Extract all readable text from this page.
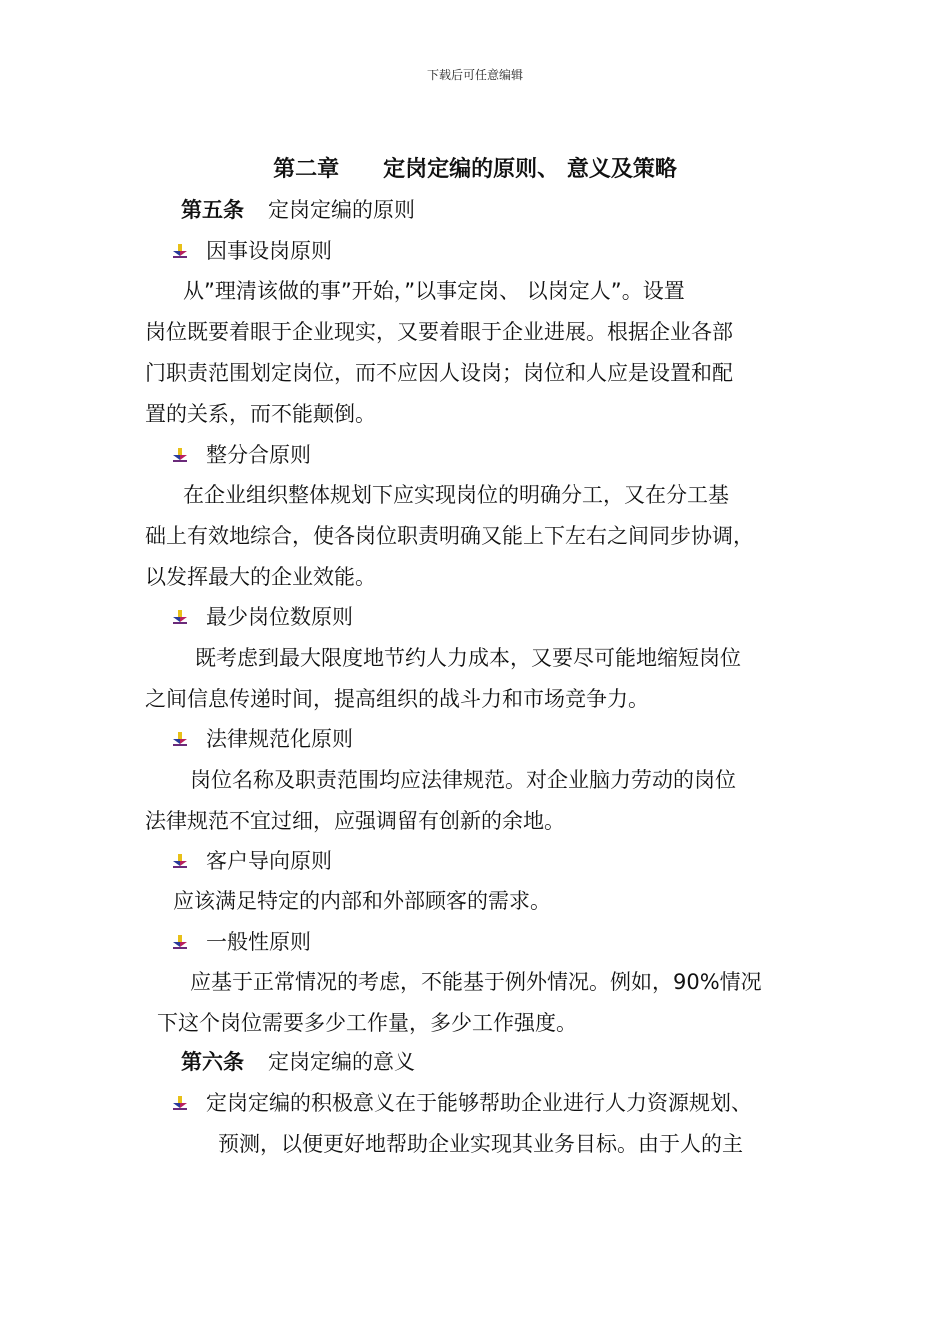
下载后可任意编辑
第二章　　定岗定编的原则、 意义及策略
第五条 定岗定编的原则
因事设岗原则
从”理清该做的事”开始，”以事定岗、 以岗定人”。设置
岗位既要着眼于企业现实，又要着眼于企业进展。根据企业各部
门职责范围划定岗位，而不应因人设岗；岗位和人应是设置和配
置的关系，而不能颠倒。
整分合原则
在企业组织整体规划下应实现岗位的明确分工，又在分工基
础上有效地综合，使各岗位职责明确又能上下左右之间同步协调，
以发挥最大的企业效能。
最少岗位数原则
既考虑到最大限度地节约人力成本，又要尽可能地缩短岗位
之间信息传递时间，提高组织的战斗力和市场竞争力。
法律规范化原则
岗位名称及职责范围均应法律规范。对企业脑力劳动的岗位
法律规范不宜过细，应强调留有创新的余地。
客户导向原则
应该满足特定的内部和外部顾客的需求。
一般性原则
应基于正常情况的考虑，不能基于例外情况。例如，90%情况
下这个岗位需要多少工作量，多少工作强度。
第六条 定岗定编的意义
定岗定编的积极意义在于能够帮助企业进行人力资源规划、
预测，以便更好地帮助企业实现其业务目标。由于人的主
